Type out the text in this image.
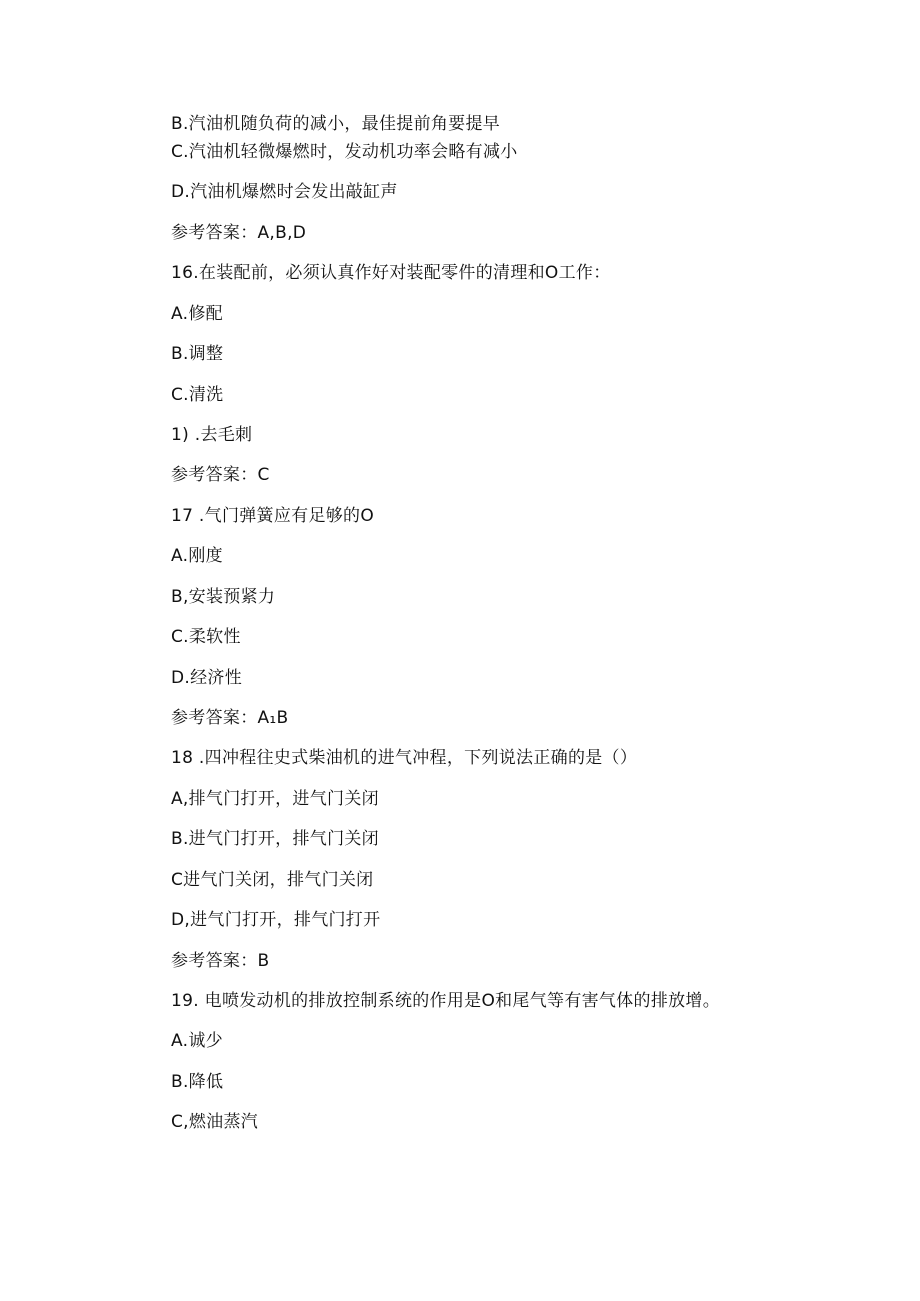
B.汽油机随负荷的减小，最佳提前角要提早
C.汽油机轻微爆燃时，发动机功率会略有减小
D.汽油机爆燃时会发出敲缸声
参考答案：A,B,D
16.在装配前，必须认真作好对装配零件的清理和O工作：
A.修配
B.调整
C.清洗
1) .去毛刺
参考答案：C
17 .气门弹簧应有足够的O
A.刚度
B,安装预紧力
C.柔软性
D.经济性
参考答案：A₁B
18 .四冲程往史式柴油机的进气冲程，下列说法正确的是（）
A,排气门打开，进气门关闭
B.进气门打开，排气门关闭
C进气门关闭，排气门关闭
D,进气门打开，排气门打开
参考答案：B
19. 电喷发动机的排放控制系统的作用是O和尾气等有害气体的排放增。
A.诚少
B.降低
C,燃油蒸汽
